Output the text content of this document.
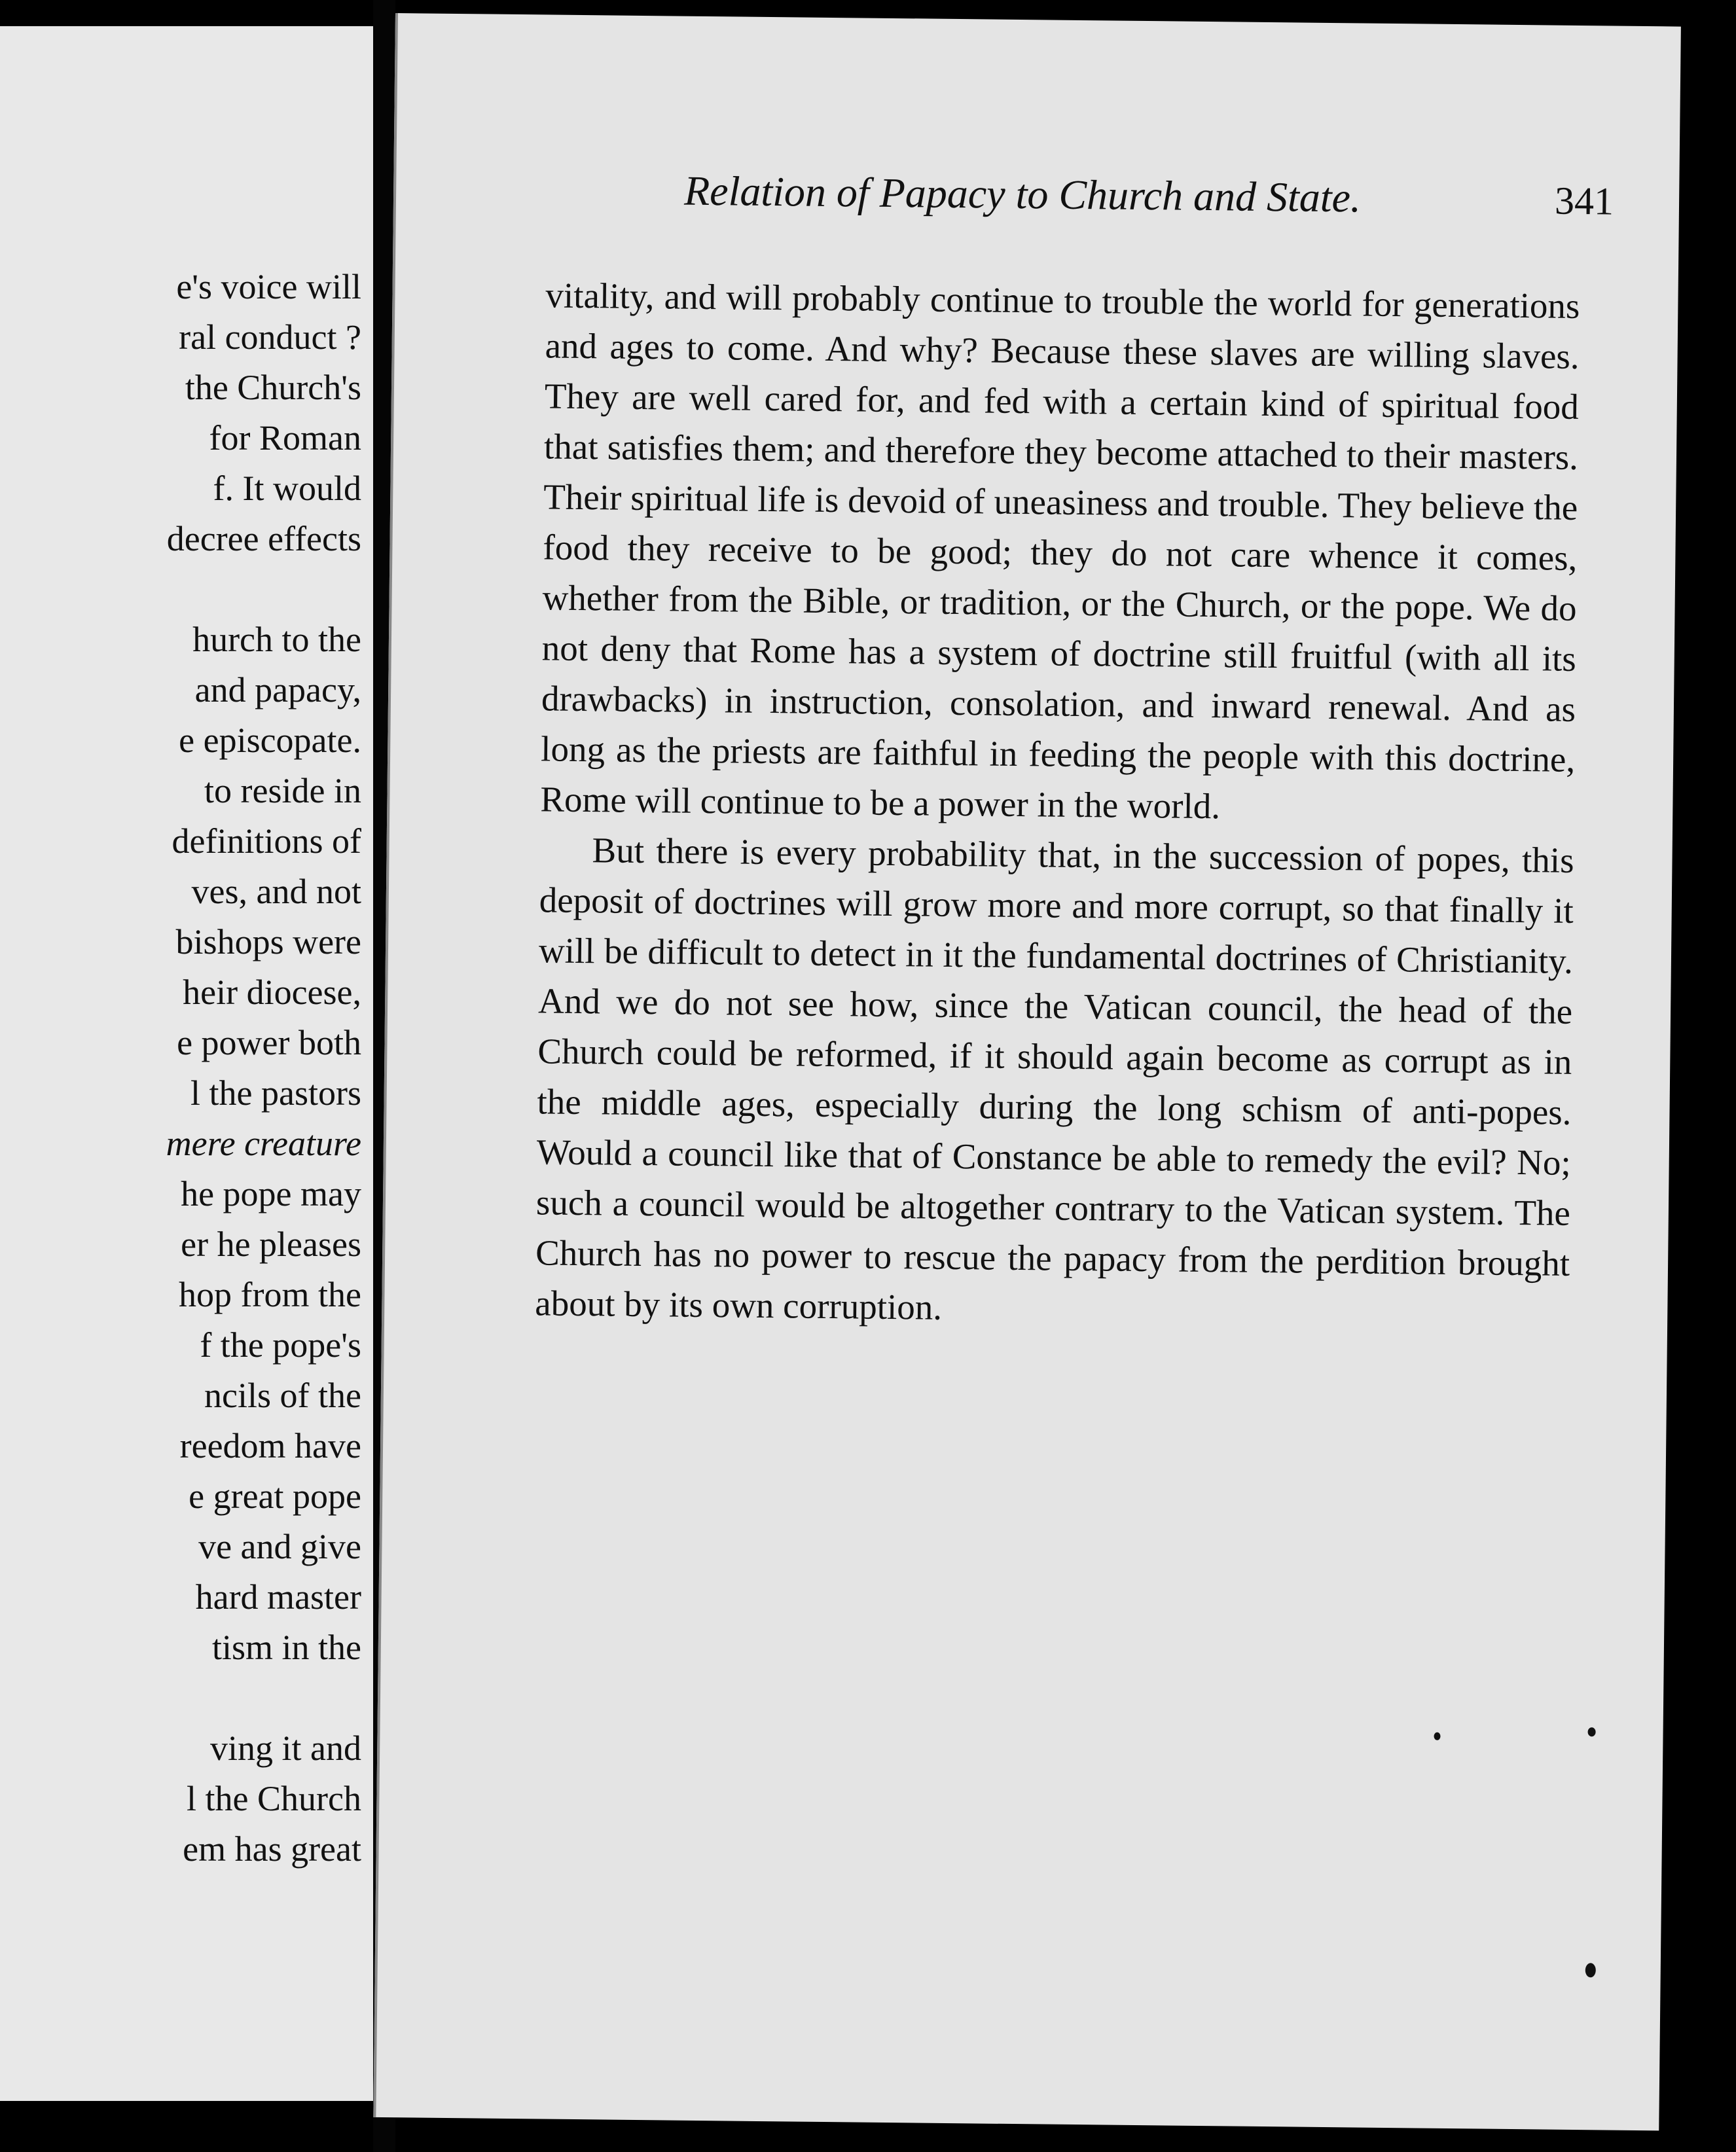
e's voice will
ral conduct ?
the Church's
for Roman
f. It would
decree effects
hurch to the
and papacy,
e episcopate.
to reside in
definitions of
ves, and not
bishops were
heir diocese,
e power both
l the pastors
mere creature
he pope may
er he pleases
hop from the
f the pope's
ncils of the
reedom have
e great pope
ve and give
hard master
tism in the
ving it and
l the Church
em has great
Relation of Papacy to Church and State.	341

vitality, and will probably continue to trouble the world for generations and ages to come. And why? Because these slaves are willing slaves. They are well cared for, and fed with a certain kind of spiritual food that satisfies them; and therefore they become attached to their masters. Their spiritual life is devoid of uneasiness and trouble. They believe the food they receive to be good; they do not care whence it comes, whether from the Bible, or tradition, or the Church, or the pope. We do not deny that Rome has a system of doctrine still fruitful (with all its drawbacks) in instruction, consolation, and inward renewal. And as long as the priests are faithful in feeding the people with this doctrine, Rome will continue to be a power in the world.

But there is every probability that, in the succession of popes, this deposit of doctrines will grow more and more corrupt, so that finally it will be difficult to detect in it the fundamental doctrines of Christianity. And we do not see how, since the Vatican council, the head of the Church could be reformed, if it should again become as corrupt as in the middle ages, especially during the long schism of anti-popes. Would a council like that of Constance be able to remedy the evil? No; such a council would be altogether contrary to the Vatican system. The Church has no power to rescue the papacy from the perdition brought about by its own corruption.
